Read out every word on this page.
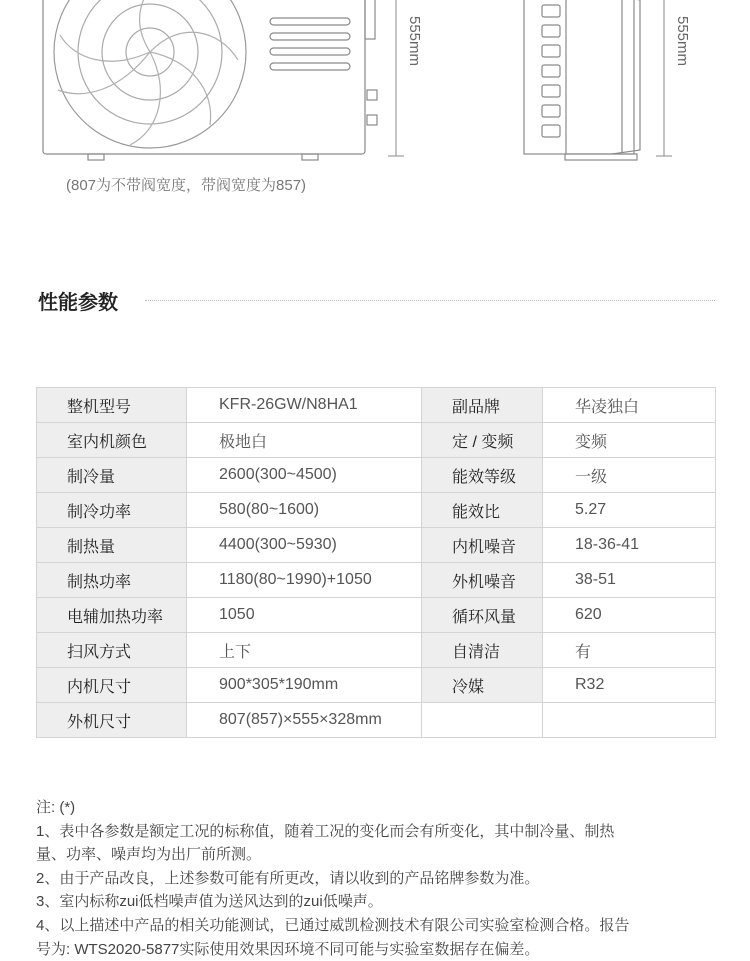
555mm	555mm
(807为不带阀宽度，带阀宽度为857)
性能参数
整机型号	KFR-26GW/N8HA1	副品牌	华凌独白
室内机颜色	极地白	定 / 变频	变频
制冷量	2600(300~4500)	能效等级	一级
制冷功率	580(80~1600)	能效比	5.27
制热量	4400(300~5930)	内机噪音	18-36-41
制热功率	1180(80~1990)+1050	外机噪音	38-51
电辅加热功率	1050	循环风量	620
扫风方式	上下	自清洁	有
内机尺寸	900*305*190mm	冷媒	R32
外机尺寸	807(857)×555×328mm		

注: (*)

1、表中各参数是额定工况的标称值，随着工况的变化而会有所变化，其中制冷量、制热

量、功率、噪声均为出厂前所测。

2、由于产品改良，上述参数可能有所更改，请以收到的产品铭牌参数为准。

3、室内标称zui低档噪声值为送风达到的zui低噪声。

4、以上描述中产品的相关功能测试，已通过威凯检测技术有限公司实验室检测合格。报告

号为: WTS2020-5877实际使用效果因环境不同可能与实验室数据存在偏差。
